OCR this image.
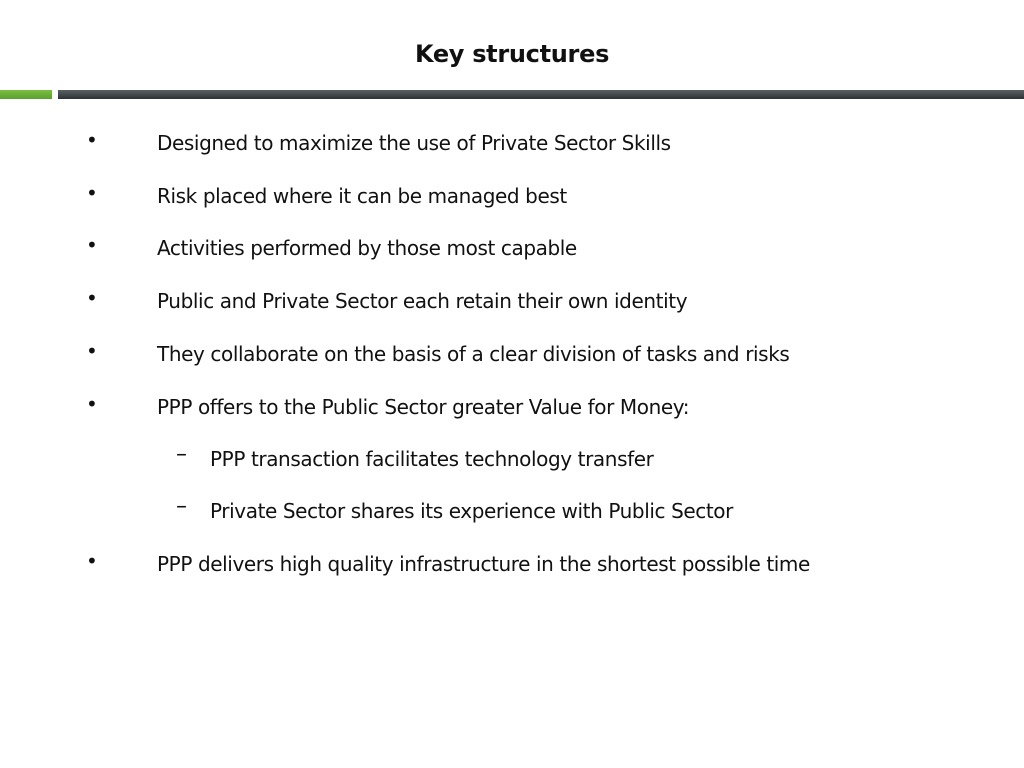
Key structures
•	Designed to maximize the use of Private Sector Skills
•	Risk placed where it can be managed best
•	Activities performed by those most capable
•	Public and Private Sector each retain their own identity
•	They collaborate on the basis of a clear division of tasks and risks
•	PPP offers to the Public Sector greater Value for Money:
– PPP transaction facilitates technology transfer
– Private Sector shares its experience with Public Sector
•	PPP delivers high quality infrastructure in the shortest possible time
